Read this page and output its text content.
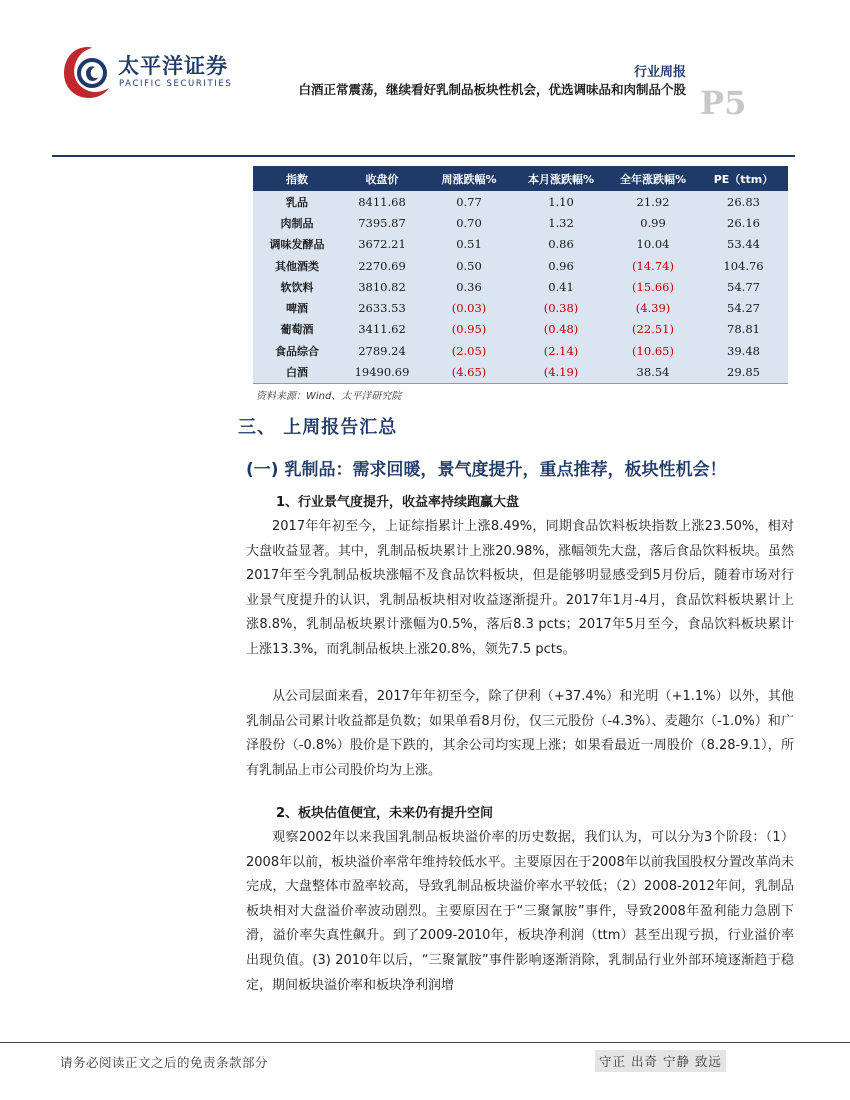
太平洋证券
PACIFIC SECURITIES
行业周报
白酒正常震荡，继续看好乳制品板块性机会，优选调味品和肉制品个股 P5
指数	收盘价	周涨跌幅%	本月涨跌幅%	全年涨跌幅%	PE（ttm）
乳品	8411.68	0.77	1.10	21.92	26.83
肉制品	7395.87	0.70	1.32	0.99	26.16
调味发酵品	3672.21	0.51	0.86	10.04	53.44
其他酒类	2270.69	0.50	0.96	(14.74)	104.76
软饮料	3810.82	0.36	0.41	(15.66)	54.77
啤酒	2633.53	(0.03)	(0.38)	(4.39)	54.27
葡萄酒	3411.62	(0.95)	(0.48)	(22.51)	78.81
食品综合	2789.24	(2.05)	(2.14)	(10.65)	39.48
白酒	19490.69	(4.65)	(4.19)	38.54	29.85
资料来源：Wind、太平洋研究院
三、 上周报告汇总
(一) 乳制品：需求回暖，景气度提升，重点推荐，板块性机会！
1、行业景气度提升，收益率持续跑赢大盘
2017年年初至今，上证综指累计上涨8.49%，同期食品饮料板块指数上涨23.50%，相对大盘收益显著。其中，乳制品板块累计上涨20.98%，涨幅领先大盘，落后食品饮料板块。虽然2017年至今乳制品板块涨幅不及食品饮料板块，但是能够明显感受到5月份后，随着市场对行业景气度提升的认识，乳制品板块相对收益逐渐提升。2017年1月-4月，食品饮料板块累计上涨8.8%，乳制品板块累计涨幅为0.5%，落后8.3 pcts；2017年5月至今，食品饮料板块累计上涨13.3%，而乳制品板块上涨20.8%，领先7.5 pcts。
从公司层面来看，2017年年初至今，除了伊利（+37.4%）和光明（+1.1%）以外，其他乳制品公司累计收益都是负数；如果单看8月份，仅三元股份（-4.3%）、麦趣尔（-1.0%）和广泽股份（-0.8%）股价是下跌的，其余公司均实现上涨；如果看最近一周股价（8.28-9.1），所有乳制品上市公司股价均为上涨。
2、板块估值便宜，未来仍有提升空间
观察2002年以来我国乳制品板块溢价率的历史数据，我们认为，可以分为3个阶段：（1）2008年以前，板块溢价率常年维持较低水平。主要原因在于2008年以前我国股权分置改革尚未完成，大盘整体市盈率较高，导致乳制品板块溢价率水平较低；（2）2008-2012年间，乳制品板块相对大盘溢价率波动剧烈。主要原因在于“三聚氰胺”事件，导致2008年盈利能力急剧下滑，溢价率失真性飙升。到了2009-2010年，板块净利润（ttm）甚至出现亏损，行业溢价率出现负值。(3) 2010年以后，“三聚氰胺”事件影响逐渐消除，乳制品行业外部环境逐渐趋于稳定，期间板块溢价率和板块净利润增
请务必阅读正文之后的免责条款部分	守正 出奇 宁静 致远
